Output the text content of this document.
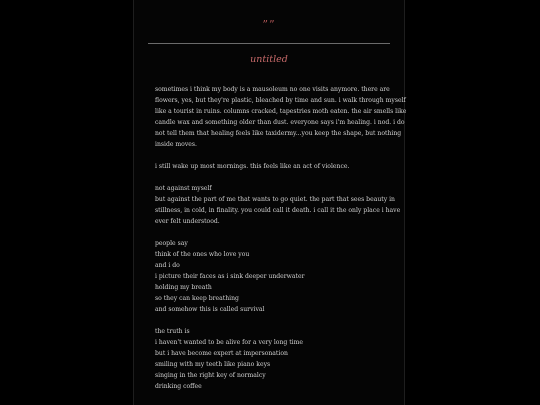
””
untitled

sometimes i think my body is a mausoleum no one visits anymore. there are
flowers, yes, but they're plastic, bleached by time and sun. i walk through myself
like a tourist in ruins. columns cracked, tapestries moth eaten. the air smells like
candle wax and something older than dust. everyone says i'm healing. i nod. i do
not tell them that healing feels like taxidermy...you keep the shape, but nothing
inside moves.

i still wake up most mornings. this feels like an act of violence.

not against myself
but against the part of me that wants to go quiet. the part that sees beauty in
stillness, in cold, in finality. you could call it death. i call it the only place i have
ever felt understood.

people say
think of the ones who love you
and i do
i picture their faces as i sink deeper underwater
holding my breath
so they can keep breathing
and somehow this is called survival

the truth is
i haven't wanted to be alive for a very long time
but i have become expert at impersonation
smiling with my teeth like piano keys
singing in the right key of normalcy
drinking coffee
